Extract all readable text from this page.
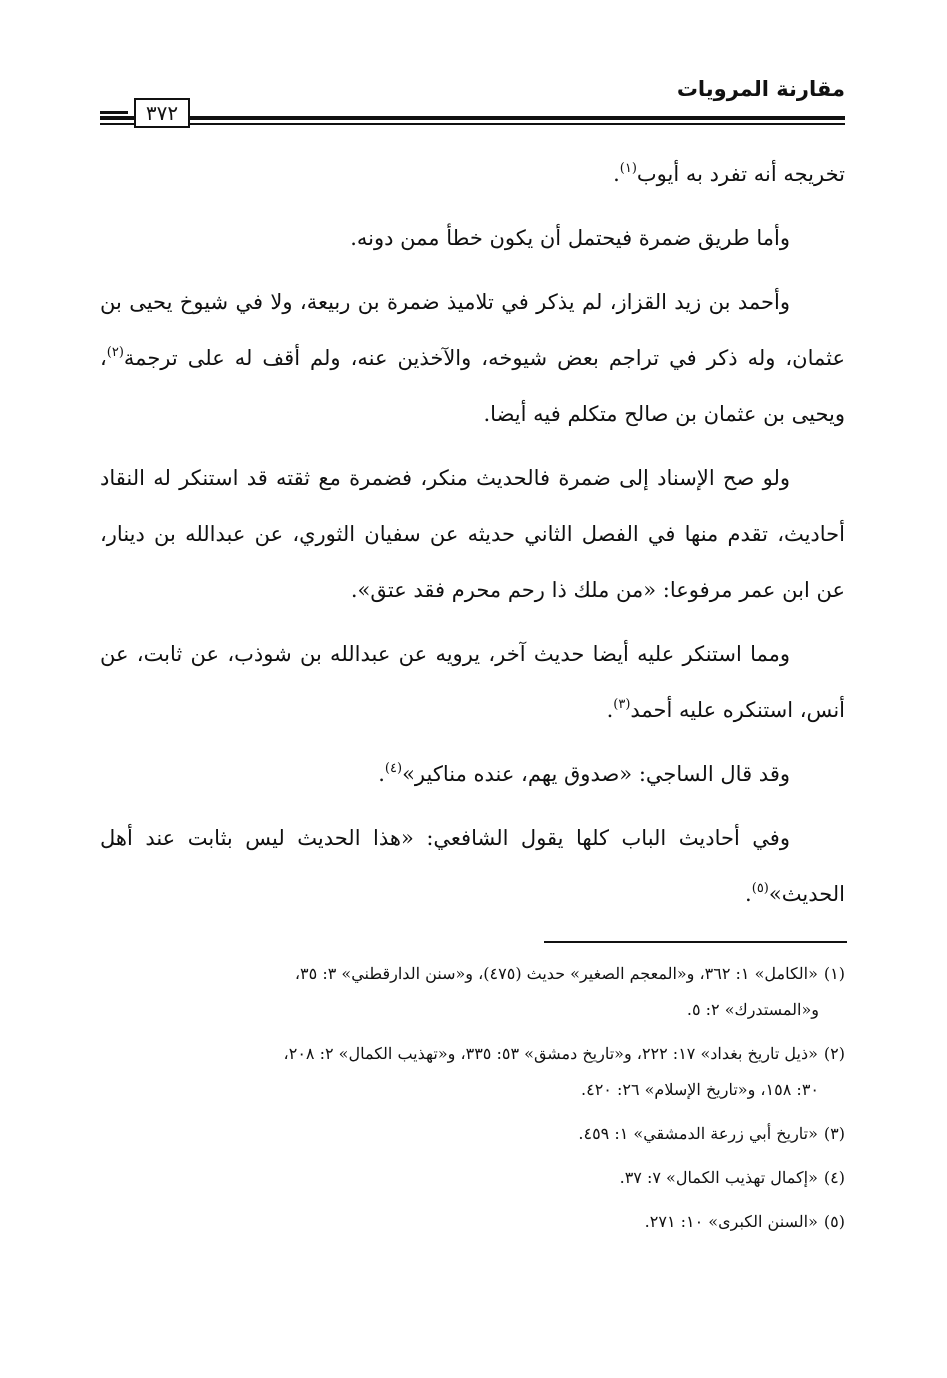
مقارنة المرويات
٣٧٢

تخريجه أنه تفرد به أيوب$^{(١)}$.

وأما طريق ضمرة فيحتمل أن يكون خطأ ممن دونه.

وأحمد بن زيد القزاز، لم يذكر في تلاميذ ضمرة بن ربيعة، ولا في شيوخ يحيى بن عثمان، وله ذكر في تراجم بعض شيوخه، والآخذين عنه، ولم أقف له على ترجمة$^{(٢)}$، ويحيى بن عثمان بن صالح متكلم فيه أيضا.

ولو صح الإسناد إلى ضمرة فالحديث منكر، فضمرة مع ثقته قد استنكر له النقاد أحاديث، تقدم منها في الفصل الثاني حديثه عن سفيان الثوري، عن عبدالله بن دينار، عن ابن عمر مرفوعا: «من ملك ذا رحم محرم فقد عتق».

ومما استنكر عليه أيضا حديث آخر، يرويه عن عبدالله بن شوذب، عن ثابت، عن أنس، استنكره عليه أحمد$^{(٣)}$.

وقد قال الساجي: «صدوق يهم، عنده مناكير»$^{(٤)}$.

وفي أحاديث الباب كلها يقول الشافعي: «هذا الحديث ليس بثابت عند أهل الحديث»$^{(٥)}$.

(١)«الكامل» ١: ٣٦٢، و«المعجم الصغير» حديث (٤٧٥)، و«سنن الدارقطني» ٣: ٣٥،
و«المستدرك» ٢: ٥.
(٢)«ذيل تاريخ بغداد» ١٧: ٢٢٢، و«تاريخ دمشق» ٥٣: ٣٣٥، و«تهذيب الكمال» ٢: ٢٠٨،
٣٠: ١٥٨، و«تاريخ الإسلام» ٢٦: ٤٢٠.
(٣)«تاريخ أبي زرعة الدمشقي» ١: ٤٥٩.
(٤)«إكمال تهذيب الكمال» ٧: ٣٧.
(٥)«السنن الكبرى» ١٠: ٢٧١.
